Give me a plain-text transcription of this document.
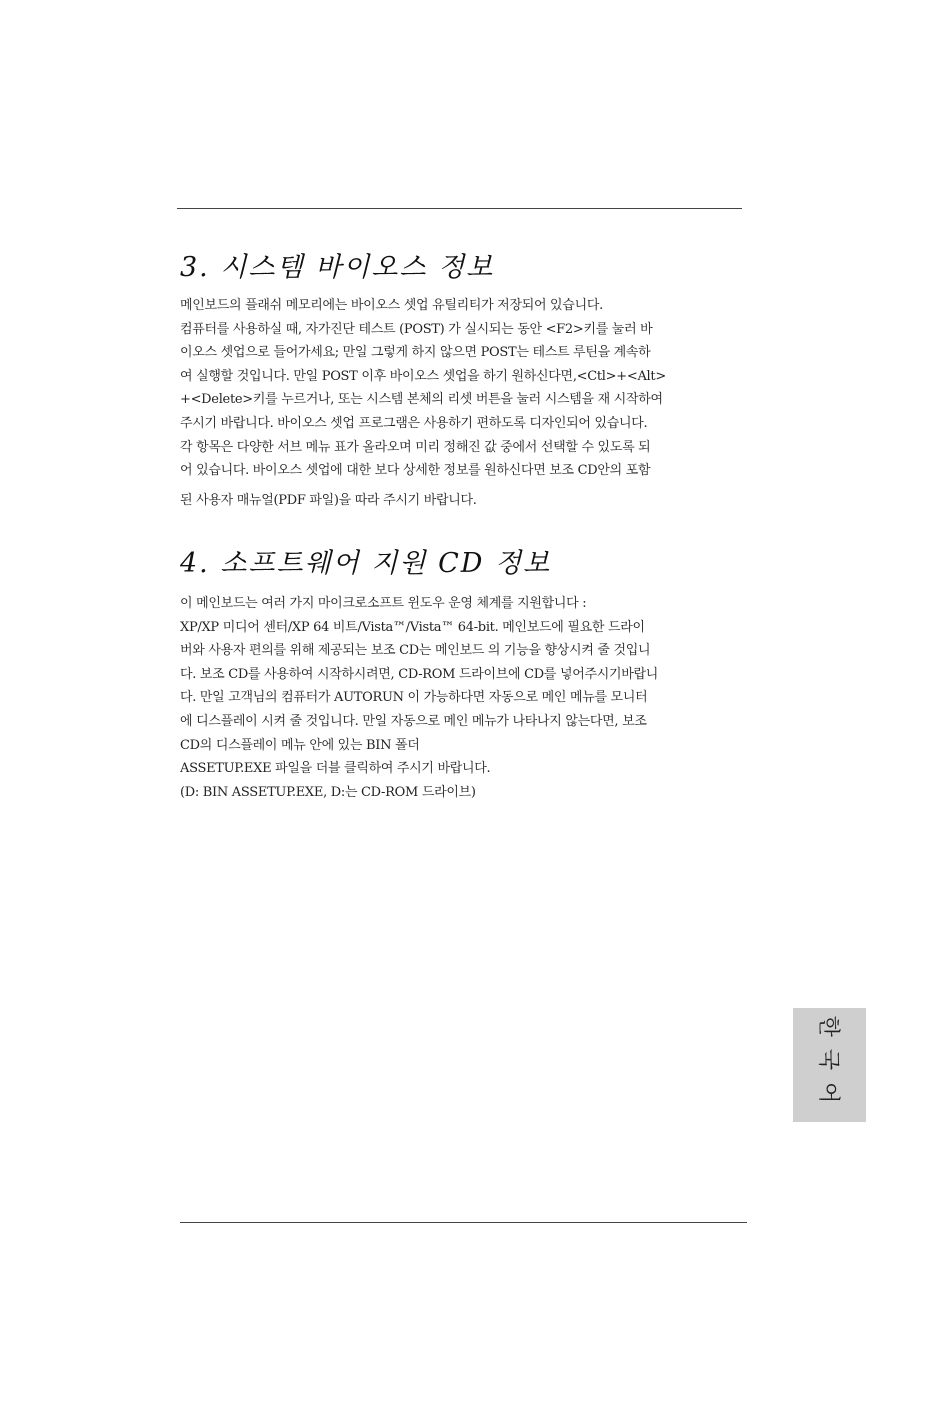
3. 시스템 바이오스 정보
메인보드의 플래쉬 메모리에는 바이오스 셋업 유틸리티가 저장되어 있습니다.
컴퓨터를 사용하실 때, 자가진단 테스트 (POST) 가 실시되는 동안 <F2>키를 눌러 바
이오스 셋업으로 들어가세요; 만일 그렇게 하지 않으면 POST는 테스트 루틴을 계속하
여 실행할 것입니다. 만일 POST 이후 바이오스 셋업을 하기 원하신다면,<Ctl>+<Alt>
+<Delete>키를 누르거나, 또는 시스템 본체의 리셋 버튼을 눌러 시스템을 재 시작하여
주시기 바랍니다. 바이오스 셋업 프로그램은 사용하기 편하도록 디자인되어 있습니다.
각 항목은 다양한 서브 메뉴 표가 올라오며 미리 정해진 값 중에서 선택할 수 있도록 되
어 있습니다. 바이오스 셋업에 대한 보다 상세한 정보를 원하신다면 보조 CD안의 포함
된 사용자 매뉴얼(PDF 파일)을 따라 주시기 바랍니다.
4. 소프트웨어 지원 CD 정보
이 메인보드는 여러 가지 마이크로소프트 윈도우 운영 체계를 지원합니다 :
XP/XP 미디어 센터/XP 64 비트/Vista™/Vista™ 64-bit. 메인보드에 필요한 드라이
버와 사용자 편의를 위해 제공되는 보조 CD는 메인보드 의 기능을 향상시켜 줄 것입니
다. 보조 CD를 사용하여 시작하시려면, CD-ROM 드라이브에 CD를 넣어주시기바랍니
다. 만일 고객님의 컴퓨터가 AUTORUN 이 가능하다면 자동으로 메인 메뉴를 모니터
에 디스플레이 시켜 줄 것입니다. 만일 자동으로 메인 메뉴가 나타나지 않는다면, 보조
CD의 디스플레이 메뉴 안에 있는 BIN 폴더
ASSETUP.EXE 파일을 더블 클릭하여 주시기 바랍니다.
(D: BIN ASSETUP.EXE, D:는 CD-ROM 드라이브)
한국어
